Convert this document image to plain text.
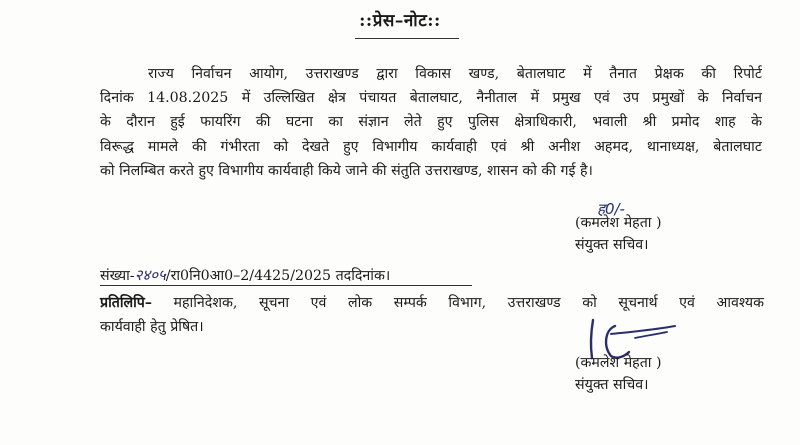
::प्रेस–नोट::
राज्य निर्वाचन आयोग, उत्तराखण्ड द्वारा विकास खण्ड, बेतालघाट में तैनात प्रेक्षक की रिपोर्ट
दिनांक 14.08.2025 में उल्लिखित क्षेत्र पंचायत बेतालघाट, नैनीताल में प्रमुख एवं उप प्रमुखों के निर्वाचन
के दौरान हुई फायरिंग की घटना का संज्ञान लेते हुए पुलिस क्षेत्राधिकारी, भवाली श्री प्रमोद शाह के
विरूद्ध मामले की गंभीरता को देखते हुए विभागीय कार्यवाही एवं श्री अनीश अहमद, थानाध्यक्ष, बेतालघाट
को निलम्बित करते हुए विभागीय कार्यवाही किये जाने की संतुति उत्तराखण्ड, शासन को की गई है।
ह0/-
(कमलेश मेहता )
संयुक्त सचिव।
संख्या-२४०५/रा0नि0आ0–2/4425/2025 तददिनांक।
प्रतिलिपि– महानिदेशक, सूचना एवं लोक सम्पर्क विभाग, उत्तराखण्ड को सूचनार्थ एवं आवश्यक
कार्यवाही हेतु प्रेषित।
(कमलेश मेहता )
संयुक्त सचिव।
